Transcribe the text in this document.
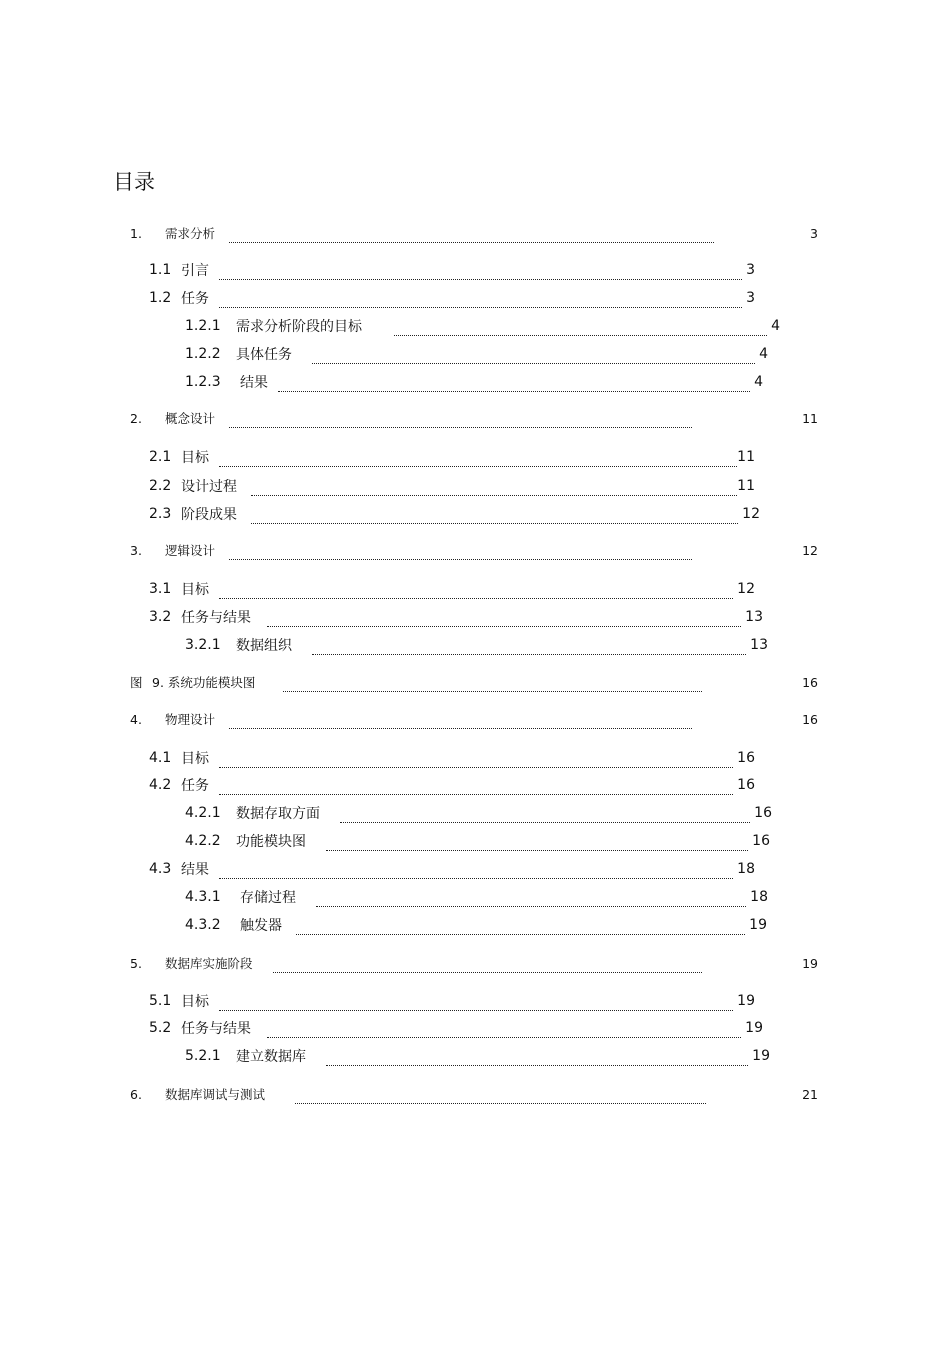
目录
1.	需求分析	3
1.1 引言	3
1.2 任务	3
1.2.1	需求分析阶段的目标	4
1.2.2	具体任务	4
1.2.3	结果	4
2.	概念设计	11
2.1 目标	11
2.2 设计过程	11
2.3 阶段成果	12
3.	逻辑设计	12
3.1 目标	12
3.2 任务与结果	13
3.2.1	数据组织	13
图 9. 系统功能模块图	16
4.	物理设计	16
4.1 目标	16
4.2 任务	16
4.2.1	数据存取方面	16
4.2.2	功能模块图	16
4.3 结果	18
4.3.1	存储过程	18
4.3.2	触发器	19
5.	数据库实施阶段	19
5.1 目标	19
5.2 任务与结果	19
5.2.1	建立数据库	19
6.	数据库调试与测试	21
